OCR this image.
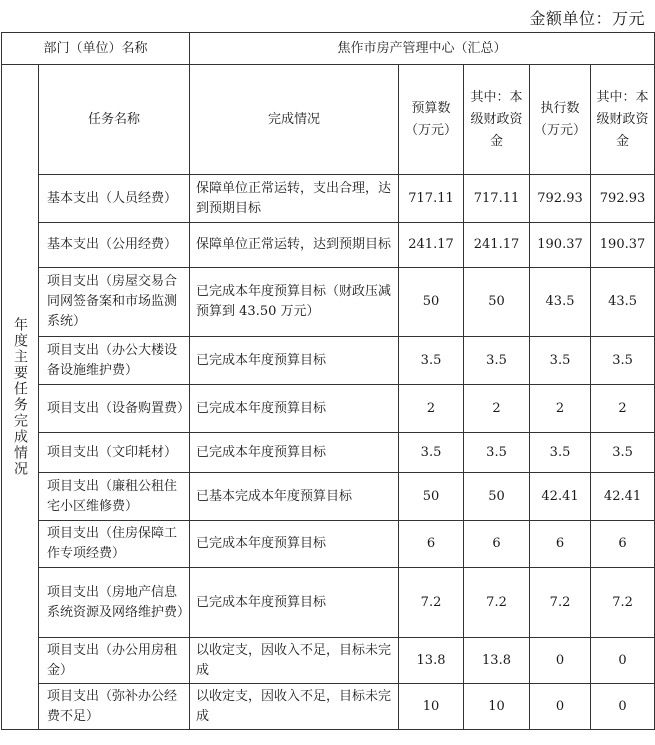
金额单位：万元
部门（单位）名称		焦作市房产管理中心（汇总）				
年度主要任务完成情况	任务名称	完成情况	预算数（万元）	其中：本级财政资金	执行数（万元）	其中：本级财政资金
	基本支出（人员经费）	保障单位正常运转，支出合理，达到预期目标	717.11	717.11	792.93	792.93
	基本支出（公用经费）	保障单位正常运转，达到预期目标	241.17	241.17	190.37	190.37
	项目支出（房屋交易合同网签备案和市场监测系统）	已完成本年度预算目标（财政压减预算到 43.50 万元）	50	50	43.5	43.5
	项目支出（办公大楼设备设施维护费）	已完成本年度预算目标	3.5	3.5	3.5	3.5
	项目支出（设备购置费）	已完成本年度预算目标	2	2	2	2
	项目支出（文印耗材）	已完成本年度预算目标	3.5	3.5	3.5	3.5
	项目支出（廉租公租住宅小区维修费）	已基本完成本年度预算目标	50	50	42.41	42.41
	项目支出（住房保障工作专项经费）	已完成本年度预算目标	6	6	6	6
	项目支出（房地产信息系统资源及网络维护费）	已完成本年度预算目标	7.2	7.2	7.2	7.2
	项目支出（办公用房租金）	以收定支，因收入不足，目标未完成	13.8	13.8	0	0
	项目支出（弥补办公经费不足）	以收定支，因收入不足，目标未完成	10	10	0	0
